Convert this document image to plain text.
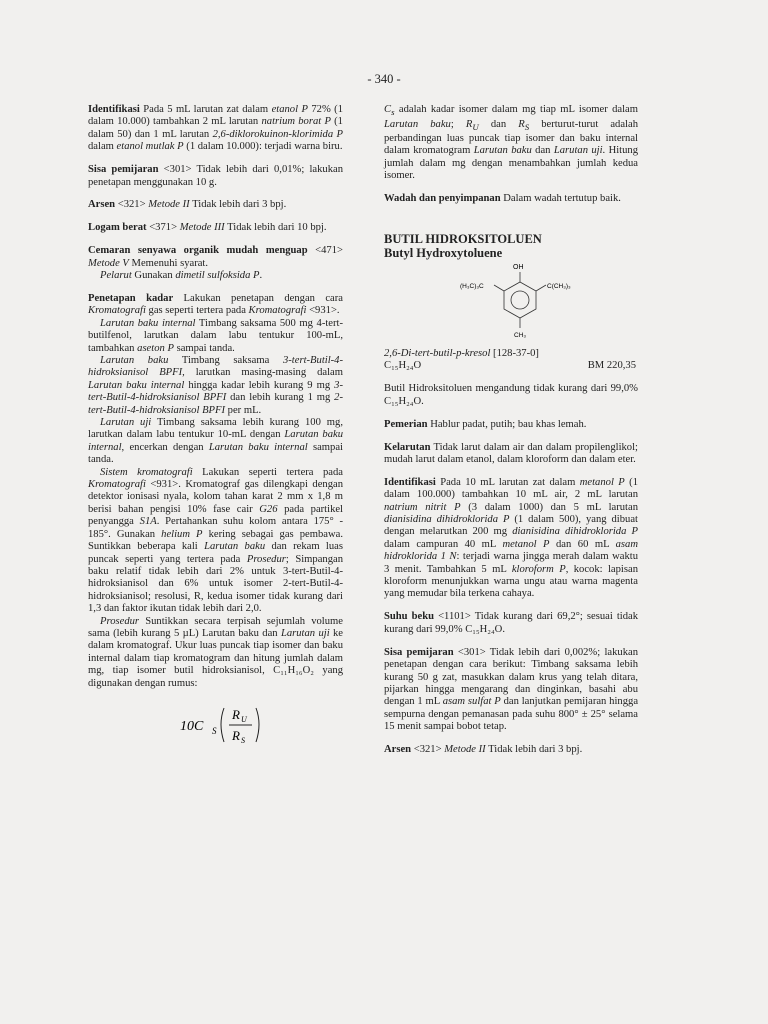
- 340 -

Identifikasi Pada 5 mL larutan zat dalam etanol P 72% (1 dalam 10.000) tambahkan 2 mL larutan natrium borat P (1 dalam 50) dan 1 mL larutan 2,6-diklorokuinon-klorimida P dalam etanol mutlak P (1 dalam 10.000): terjadi warna biru.

Sisa pemijaran <301> Tidak lebih dari 0,01%; lakukan penetapan menggunakan 10 g.

Arsen <321> Metode II Tidak lebih dari 3 bpj.

Logam berat <371> Metode III Tidak lebih dari 10 bpj.

Cemaran senyawa organik mudah menguap <471> Metode V Memenuhi syarat.

Pelarut Gunakan dimetil sulfoksida P.

Penetapan kadar Lakukan penetapan dengan cara Kromatografi gas seperti tertera pada Kromatografi <931>.

Larutan baku internal Timbang saksama 500 mg 4-tert-butilfenol, larutkan dalam labu tentukur 100-mL, tambahkan aseton P sampai tanda.

Larutan baku Timbang saksama 3-tert-Butil-4-hidroksianisol BPFI, larutkan masing-masing dalam Larutan baku internal hingga kadar lebih kurang 9 mg 3-tert-Butil-4-hidroksianisol BPFI dan lebih kurang 1 mg 2-tert-Butil-4-hidroksianisol BPFI per mL.

Larutan uji Timbang saksama lebih kurang 100 mg, larutkan dalam labu tentukur 10-mL dengan Larutan baku internal, encerkan dengan Larutan baku internal sampai tanda.

Sistem kromatografi Lakukan seperti tertera pada Kromatografi <931>. Kromatograf gas dilengkapi dengan detektor ionisasi nyala, kolom tahan karat 2 mm x 1,8 m berisi bahan pengisi 10% fase cair G26 pada partikel penyangga S1A. Pertahankan suhu kolom antara 175° - 185°. Gunakan helium P kering sebagai gas pembawa. Suntikkan beberapa kali Larutan baku dan rekam luas puncak seperti yang tertera pada Prosedur; Simpangan baku relatif tidak lebih dari 2% untuk 3-tert-Butil-4-hidroksianisol dan 6% untuk isomer 2-tert-Butil-4-hidroksianisol; resolusi, R, kedua isomer tidak kurang dari 1,3 dan faktor ikutan tidak lebih dari 2,0.

Prosedur Suntikkan secara terpisah sejumlah volume sama (lebih kurang 5 µL) Larutan baku dan Larutan uji ke dalam kromatograf. Ukur luas puncak tiap isomer dan baku internal dalam tiap kromatogram dan hitung jumlah dalam mg, tiap isomer butil hidroksianisol, C₁₁H₁₆O₂ yang digunakan dengan rumus:

10C S
R U
R S

$C_s$ adalah kadar isomer dalam mg tiap mL isomer dalam Larutan baku; $R_U$ dan $R_S$ berturut-turut adalah perbandingan luas puncak tiap isomer dan baku internal dalam kromatogram Larutan baku dan Larutan uji. Hitung jumlah dalam mg dengan menambahkan jumlah kedua isomer.

Wadah dan penyimpanan Dalam wadah tertutup baik.

BUTIL HIDROKSITOLUEN
Butyl Hydroxytoluene
OH
(H₃C)₃C	C(CH₃)₃
CH₃

2,6-Di-tert-butil-p-kresol [128-37-0]

C₁₅H₂₄O	BM 220,35

Butil Hidroksitoluen mengandung tidak kurang dari 99,0% C₁₅H₂₄O.

Pemerian Hablur padat, putih; bau khas lemah.

Kelarutan Tidak larut dalam air dan dalam propilenglikol; mudah larut dalam etanol, dalam kloroform dan dalam eter.

Identifikasi Pada 10 mL larutan zat dalam metanol P (1 dalam 100.000) tambahkan 10 mL air, 2 mL larutan natrium nitrit P (3 dalam 1000) dan 5 mL larutan dianisidina dihidroklorida P (1 dalam 500), yang dibuat dengan melarutkan 200 mg dianisidina dihidroklorida P dalam campuran 40 mL metanol P dan 60 mL asam hidroklorida 1 N: terjadi warna jingga merah dalam waktu 3 menit. Tambahkan 5 mL kloroform P, kocok: lapisan kloroform menunjukkan warna ungu atau warna magenta yang memudar bila terkena cahaya.

Suhu beku <1101> Tidak kurang dari 69,2°; sesuai tidak kurang dari 99,0% C₁₅H₂₄O.

Sisa pemijaran <301> Tidak lebih dari 0,002%; lakukan penetapan dengan cara berikut: Timbang saksama lebih kurang 50 g zat, masukkan dalam krus yang telah ditara, pijarkan hingga mengarang dan dinginkan, basahi abu dengan 1 mL asam sulfat P dan lanjutkan pemijaran hingga sempurna dengan pemanasan pada suhu 800° ± 25° selama 15 menit sampai bobot tetap.

Arsen <321> Metode II Tidak lebih dari 3 bpj.
